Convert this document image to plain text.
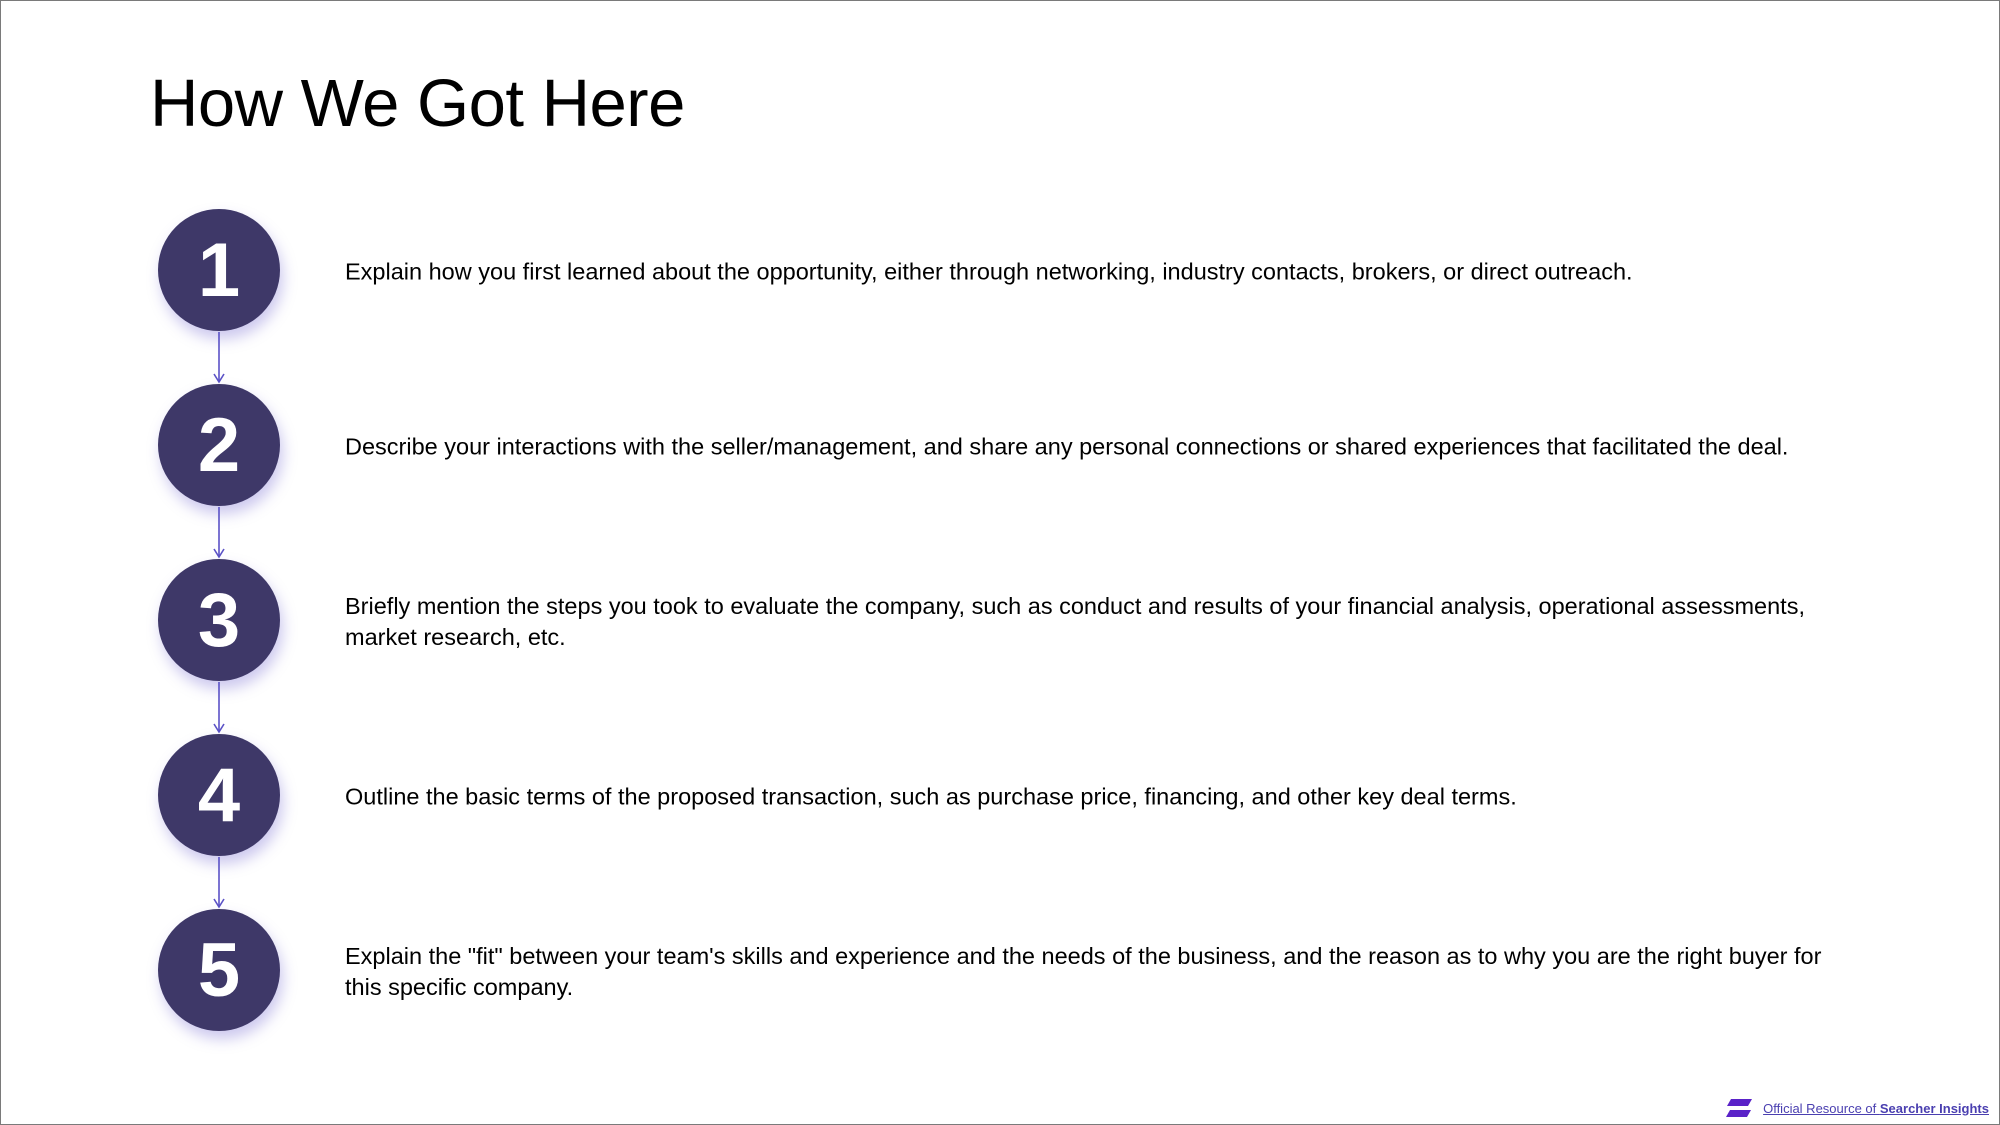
How We Got Here
1	Explain how you first learned about the opportunity, either through networking, industry contacts, brokers, or direct outreach.
2	Describe your interactions with the seller/management, and share any personal connections or shared experiences that facilitated the deal.
3	Briefly mention the steps you took to evaluate the company, such as conduct and results of your financial analysis, operational assessments, market research, etc.
4	Outline the basic terms of the proposed transaction, such as purchase price, financing, and other key deal terms.
5	Explain the "fit" between your team's skills and experience and the needs of the business, and the reason as to why you are the right buyer for this specific company.
Official Resource of Searcher Insights
